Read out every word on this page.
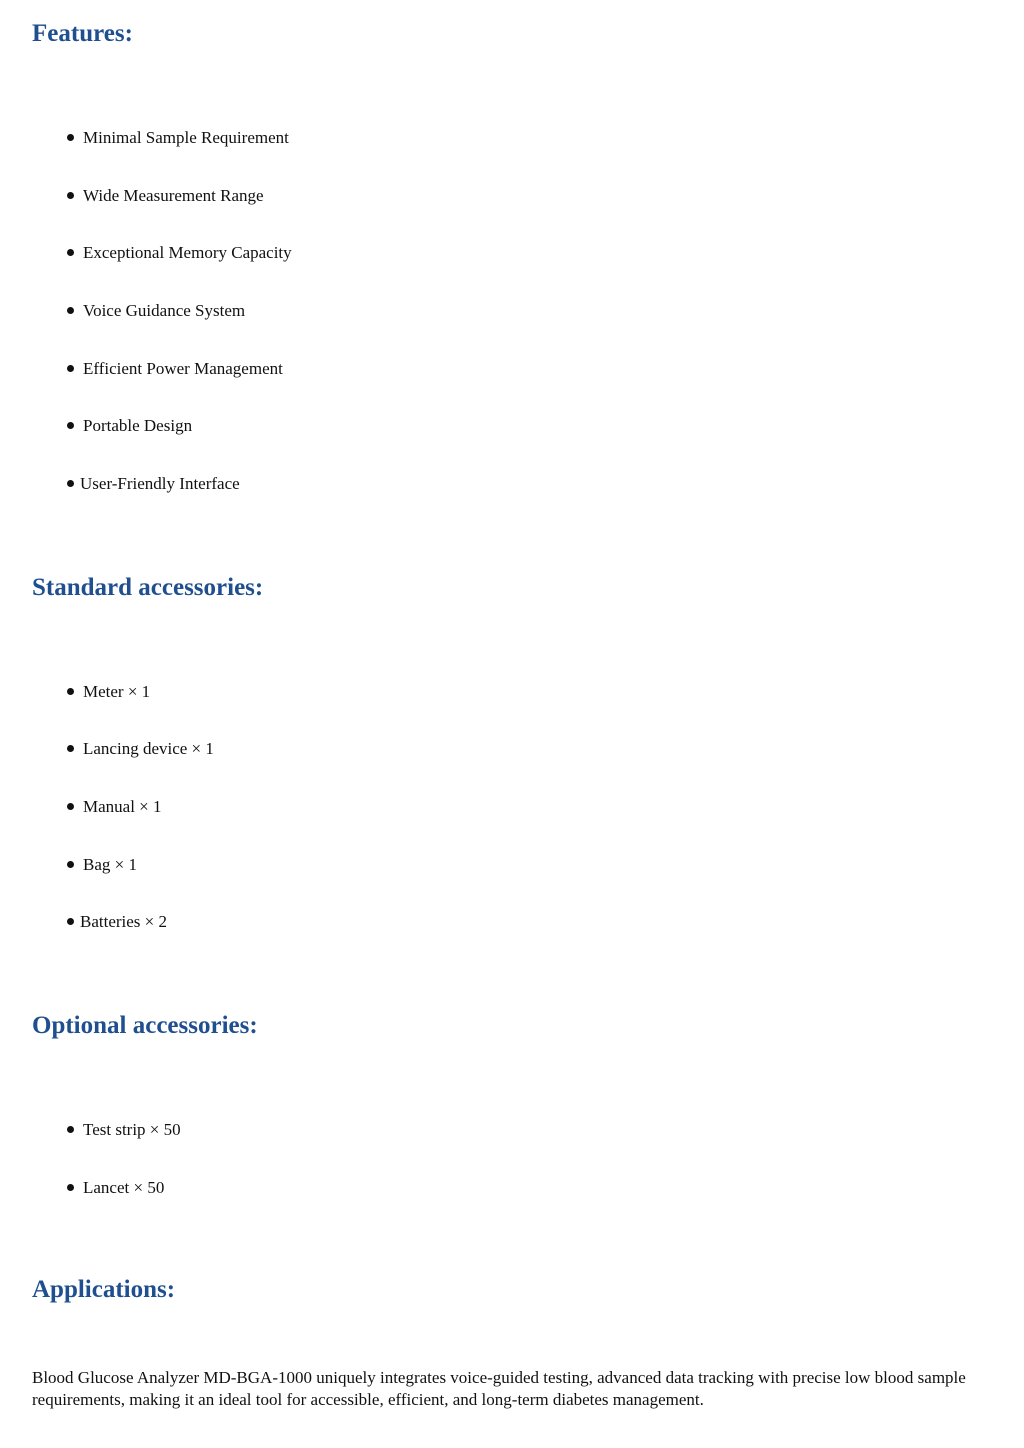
Features:
Minimal Sample Requirement
Wide Measurement Range
Exceptional Memory Capacity
Voice Guidance System
Efficient Power Management
Portable Design
User-Friendly Interface
Standard accessories:
Meter × 1
Lancing device × 1
Manual × 1
Bag × 1
Batteries × 2
Optional accessories:
Test strip × 50
Lancet × 50
Applications:

Blood Glucose Analyzer MD-BGA-1000 uniquely integrates voice-guided testing, advanced data tracking with precise low blood sample requirements, making it an ideal tool for accessible, efficient, and long-term diabetes management.
